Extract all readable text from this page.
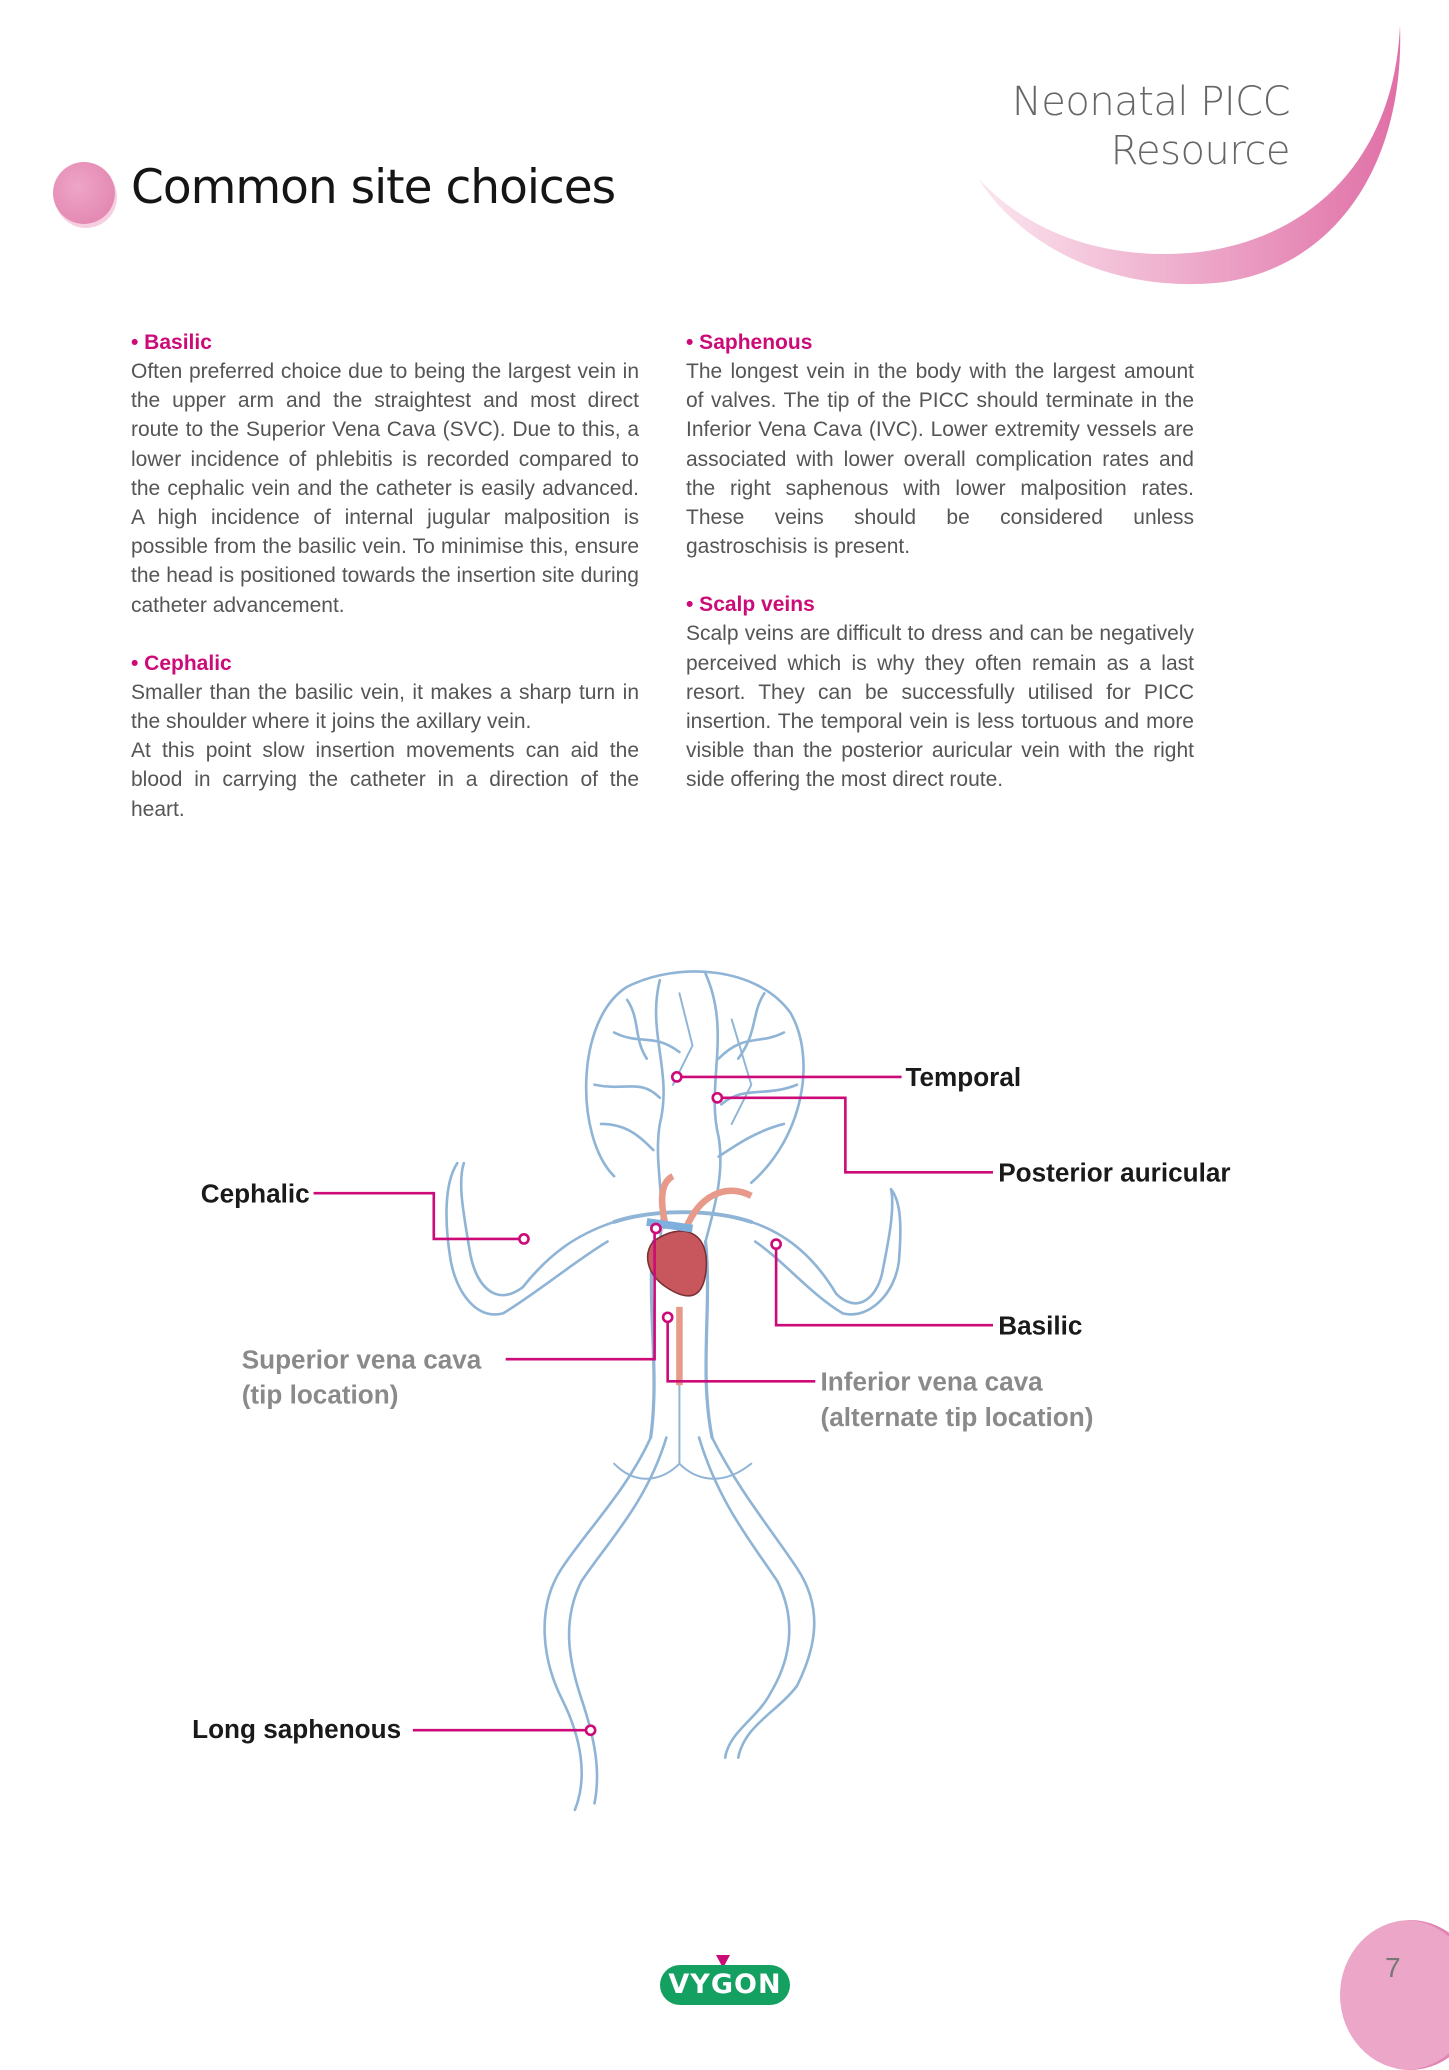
Neonatal PICC
Resource
Common site choices
• Basilic

Often preferred choice due to being the largest vein in the upper arm and the straightest and most direct route to the Superior Vena Cava (SVC). Due to this, a lower incidence of phlebitis is recorded compared to the cephalic vein and the catheter is easily advanced. A high incidence of internal jugular malposition is possible from the basilic vein. To minimise this, ensure the head is positioned towards the insertion site during catheter advancement.

• Cephalic

Smaller than the basilic vein, it makes a sharp turn in the shoulder where it joins the axillary vein.

At this point slow insertion movements can aid the blood in carrying the catheter in a direction of the heart.

• Saphenous

The longest vein in the body with the largest amount of valves. The tip of the PICC should terminate in the Inferior Vena Cava (IVC). Lower extremity vessels are associated with lower overall complication rates and the right saphenous with lower malposition rates. These veins should be considered unless gastroschisis is present.

• Scalp veins

Scalp veins are difficult to dress and can be negatively perceived which is why they often remain as a last resort. They can be successfully utilised for PICC insertion. The temporal vein is less tortuous and more visible than the posterior auricular vein with the right side offering the most direct route.

Temporal
Posterior auricular
Cephalic
Basilic
Superior vena cava
(tip location)	Inferior vena cava
(alternate tip location)
Long saphenous
VYGON
7
